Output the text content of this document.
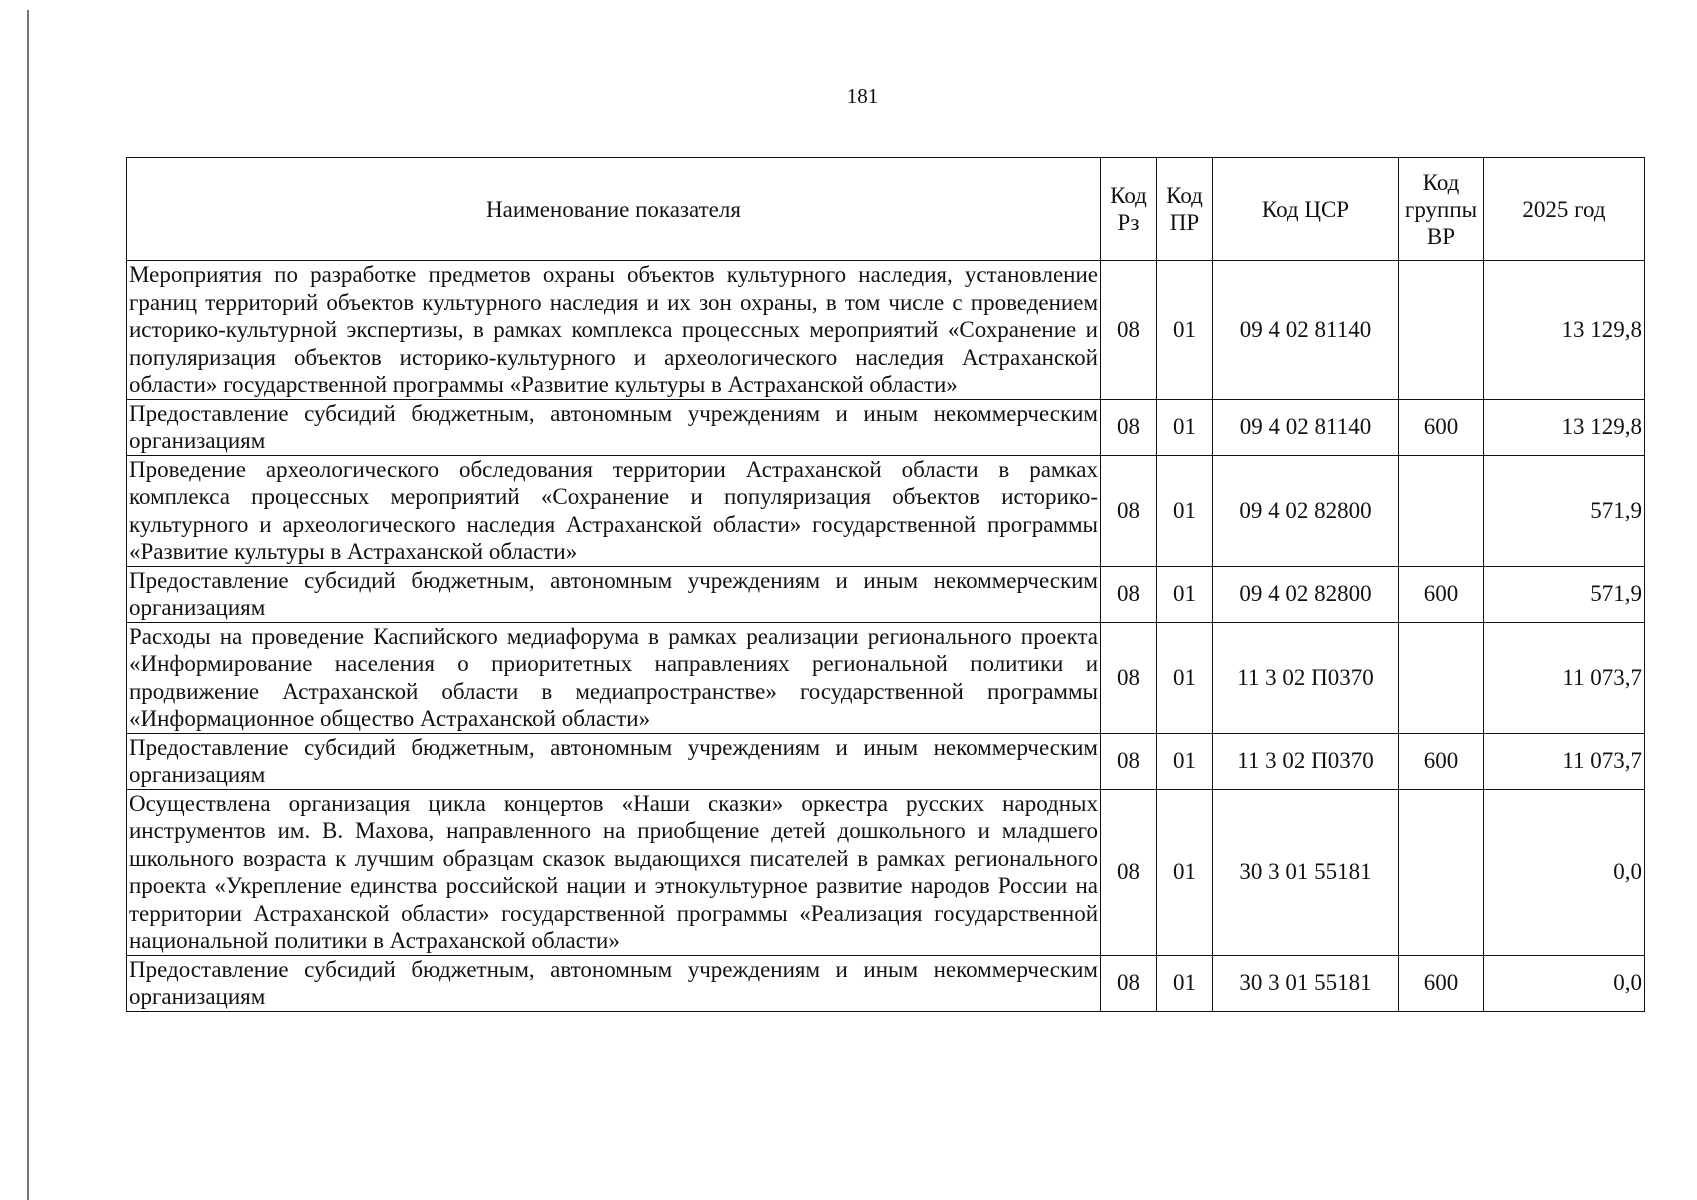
181
Наименование показателя	Код Рз	Код ПР	Код ЦСР	Код группы ВР	2025 год
Мероприятия по разработке предметов охраны объектов культурного наследия, установление границ территорий объектов культурного наследия и их зон охраны, в том числе с проведением историко-культурной экспертизы, в рамках комплекса процессных мероприятий «Сохранение и популяризация объектов историко-культурного и археологического наследия Астраханской области» государственной программы «Развитие культуры в Астраханской области»	08	01	09 4 02 81140		13 129,8
Предоставление субсидий бюджетным, автономным учреждениям и иным некоммерческим организациям	08	01	09 4 02 81140	600	13 129,8
Проведение археологического обследования территории Астраханской области в рамках комплекса процессных мероприятий «Сохранение и популяризация объектов историко-культурного и археологического наследия Астраханской области» государственной программы «Развитие культуры в Астраханской области»	08	01	09 4 02 82800		571,9
Предоставление субсидий бюджетным, автономным учреждениям и иным некоммерческим организациям	08	01	09 4 02 82800	600	571,9
Расходы на проведение Каспийского медиафорума в рамках реализации регионального проекта «Информирование населения о приоритетных направлениях региональной политики и продвижение Астраханской области в медиапространстве» государственной программы «Информационное общество Астраханской области»	08	01	11 3 02 П0370		11 073,7
Предоставление субсидий бюджетным, автономным учреждениям и иным некоммерческим организациям	08	01	11 3 02 П0370	600	11 073,7
Осуществлена организация цикла концертов «Наши сказки» оркестра русских народных инструментов им. В. Махова, направленного на приобщение детей дошкольного и младшего школьного возраста к лучшим образцам сказок выдающихся писателей в рамках регионального проекта «Укрепление единства российской нации и этнокультурное развитие народов России на территории Астраханской области» государственной программы «Реализация государственной национальной политики в Астраханской области»	08	01	30 3 01 55181		0,0
Предоставление субсидий бюджетным, автономным учреждениям и иным некоммерческим организациям	08	01	30 3 01 55181	600	0,0
